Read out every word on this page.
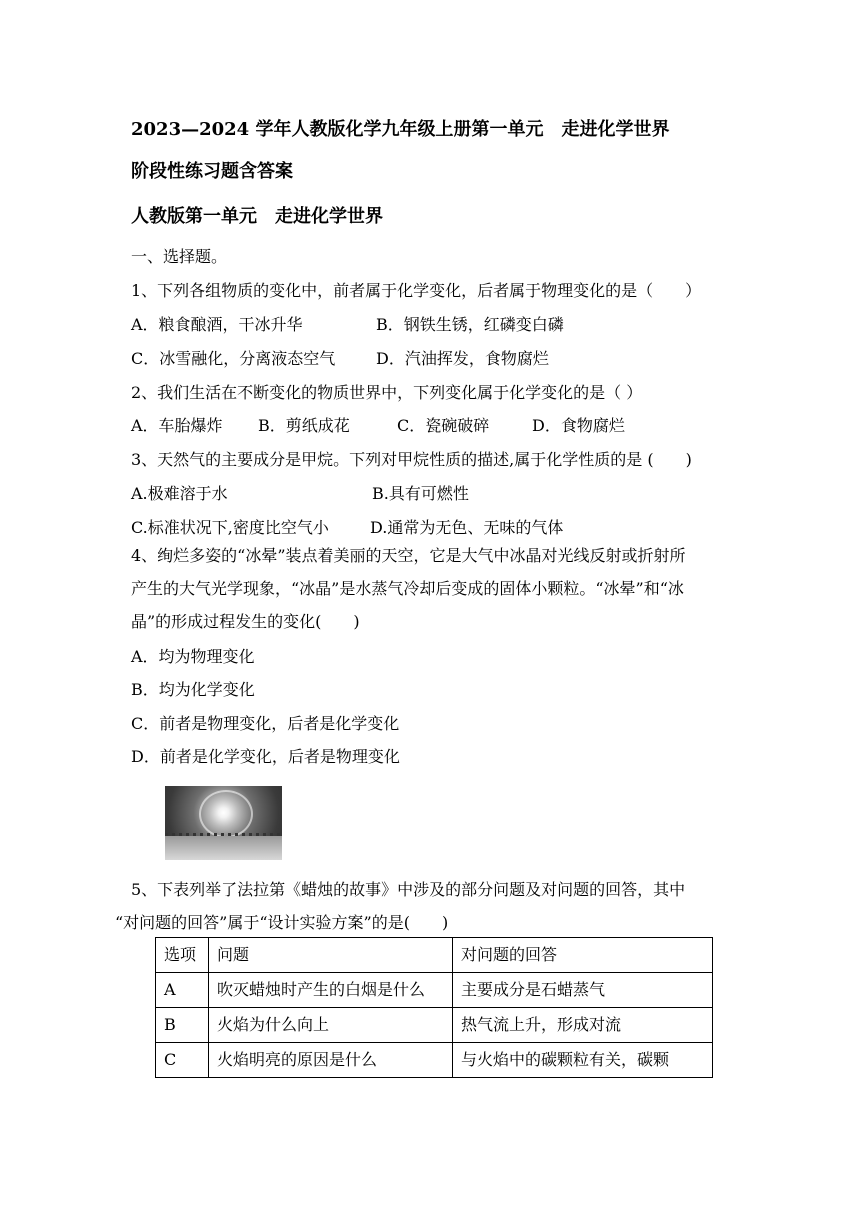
2023—2024 学年人教版化学九年级上册第一单元　走进化学世界
阶段性练习题含答案
人教版第一单元　走进化学世界
一、选择题。
1、下列各组物质的变化中，前者属于化学变化，后者属于物理变化的是（　　）
A．粮食酿酒，干冰升华	B．钢铁生锈，红磷变白磷
C．冰雪融化，分离液态空气	D．汽油挥发，食物腐烂
2、我们生活在不断变化的物质世界中，下列变化属于化学变化的是（ ）
A．车胎爆炸 B．剪纸成花	C．瓷碗破碎	D．食物腐烂
3、天然气的主要成分是甲烷。下列对甲烷性质的描述,属于化学性质的是 (　　)
A.极难溶于水	B.具有可燃性
C.标准状况下,密度比空气小	D.通常为无色、无味的气体
4、绚烂多姿的“冰晕”装点着美丽的天空，它是大气中冰晶对光线反射或折射所
产生的大气光学现象，“冰晶”是水蒸气冷却后变成的固体小颗粒。“冰晕”和“冰
晶”的形成过程发生的变化(　　)
A．均为物理变化
B．均为化学变化
C．前者是物理变化，后者是化学变化
D．前者是化学变化，后者是物理变化
5、下表列举了法拉第《蜡烛的故事》中涉及的部分问题及对问题的回答，其中
“对问题的回答”属于“设计实验方案”的是(　　)
选项	问题	对问题的回答
A	吹灭蜡烛时产生的白烟是什么	主要成分是石蜡蒸气
B	火焰为什么向上	热气流上升，形成对流
C	火焰明亮的原因是什么	与火焰中的碳颗粒有关，碳颗
